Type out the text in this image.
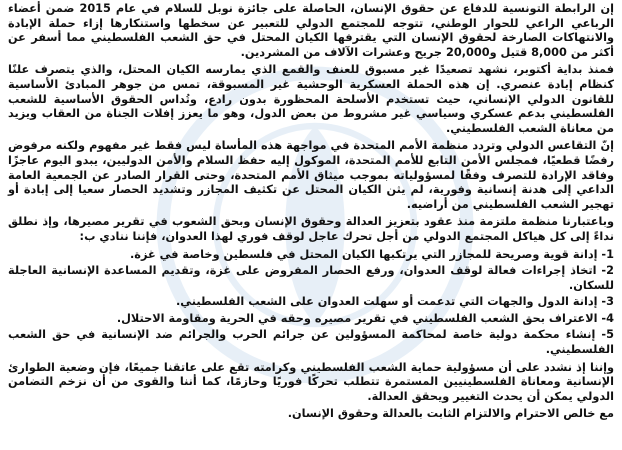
إن الرابطة التونسية للدفاع عن حقوق الإنسان، الحاصلة على جائزة نوبل للسلام في عام 2015 ضمن أعضاء الرباعي الراعي للحوار الوطني، تتوجه للمجتمع الدولي للتعبير عن سخطها واستنكارها إزاء حملة الإبادة والانتهاكات الصارخة لحقوق الإنسان التي يقترفها الكيان المحتل في حق الشعب الفلسطيني مما أسفر عن أكثر من 8,000 قتيل و20,000 جريح وعشرات الآلاف من المشردين.

فمنذ بداية أكتوبر، نشهد تصعيدًا غير مسبوق للعنف والقمع الذي يمارسه الكيان المحتل، والذي يتصرف علنًا كنظام إبادة عنصري. إن هذه الحملة العسكرية الوحشية غير المسبوقة، تمس من جوهر المبادئ الأساسية للقانون الدولي الإنساني، حيث تستخدم الأسلحة المحظورة بدون رادع، وتُداس الحقوق الأساسية للشعب الفلسطيني بدعم عسكري وسياسي غير مشروط من بعض الدول، وهو ما يعزز إفلات الجناة من العقاب ويزيد من معاناة الشعب الفلسطيني.

إنّ التقاعس الدولي وتردد منظمة الأمم المتحدة في مواجهة هذه المأساة ليس فقط غير مفهوم ولكنه مرفوض رفضًا قطعيًا، فمجلس الأمن التابع للأمم المتحدة، الموكول إليه حفظ السلام والأمن الدوليين، يبدو اليوم عاجزًا وفاقد الإرادة للتصرف وفقًا لمسؤولياته بموجب ميثاق الأمم المتحدة، وحتى القرار الصادر عن الجمعية العامة الداعي إلى هدنة إنسانية وفورية، لم يثن الكيان المحتل عن تكثيف المجازر وتشديد الحصار سعيا إلى إبادة أو تهجير الشعب الفلسطيني من أراضيه.

وباعتبارنا منظمة ملتزمة منذ عقود بتعزيز العدالة وحقوق الإنسان وبحق الشعوب في تقرير مصيرها، وإذ نطلق نداءً إلى كل هياكل المجتمع الدولي من أجل تحرك عاجل لوقف فوري لهذا العدوان، فإننا ننادي ب:

1- إدانة قوية وصريحة للمجازر التي يرتكبها الكيان المحتل في فلسطين وخاصة في غزة.
2- اتخاذ إجراءات فعالة لوقف العدوان، ورفع الحصار المفروض على غزة، وتقديم المساعدة الإنسانية العاجلة للسكان.
3- إدانة الدول والجهات التي تدعمت أو سهلت العدوان على الشعب الفلسطيني.
4- الاعتراف بحق الشعب الفلسطيني في تقرير مصيره وحقه في الحرية ومقاومة الاحتلال.
5- إنشاء محكمة دولية خاصة لمحاكمة المسؤولين عن جرائم الحرب والجرائم ضد الإنسانية في حق الشعب الفلسطيني.

وإننا إذ نشدد على أن مسؤولية حماية الشعب الفلسطيني وكرامته تقع على عاتقنا جميعًا، فإن وضعية الطوارئ الإنسانية ومعاناة الفلسطينيين المستمرة تتطلب تحركًا فوريًا وحازمًا، كما أننا والقوى من أن نزخم التضامن الدولي يمكن أن يحدث التغيير ويحقق العدالة.

مع خالص الاحترام والالتزام الثابت بالعدالة وحقوق الإنسان.
